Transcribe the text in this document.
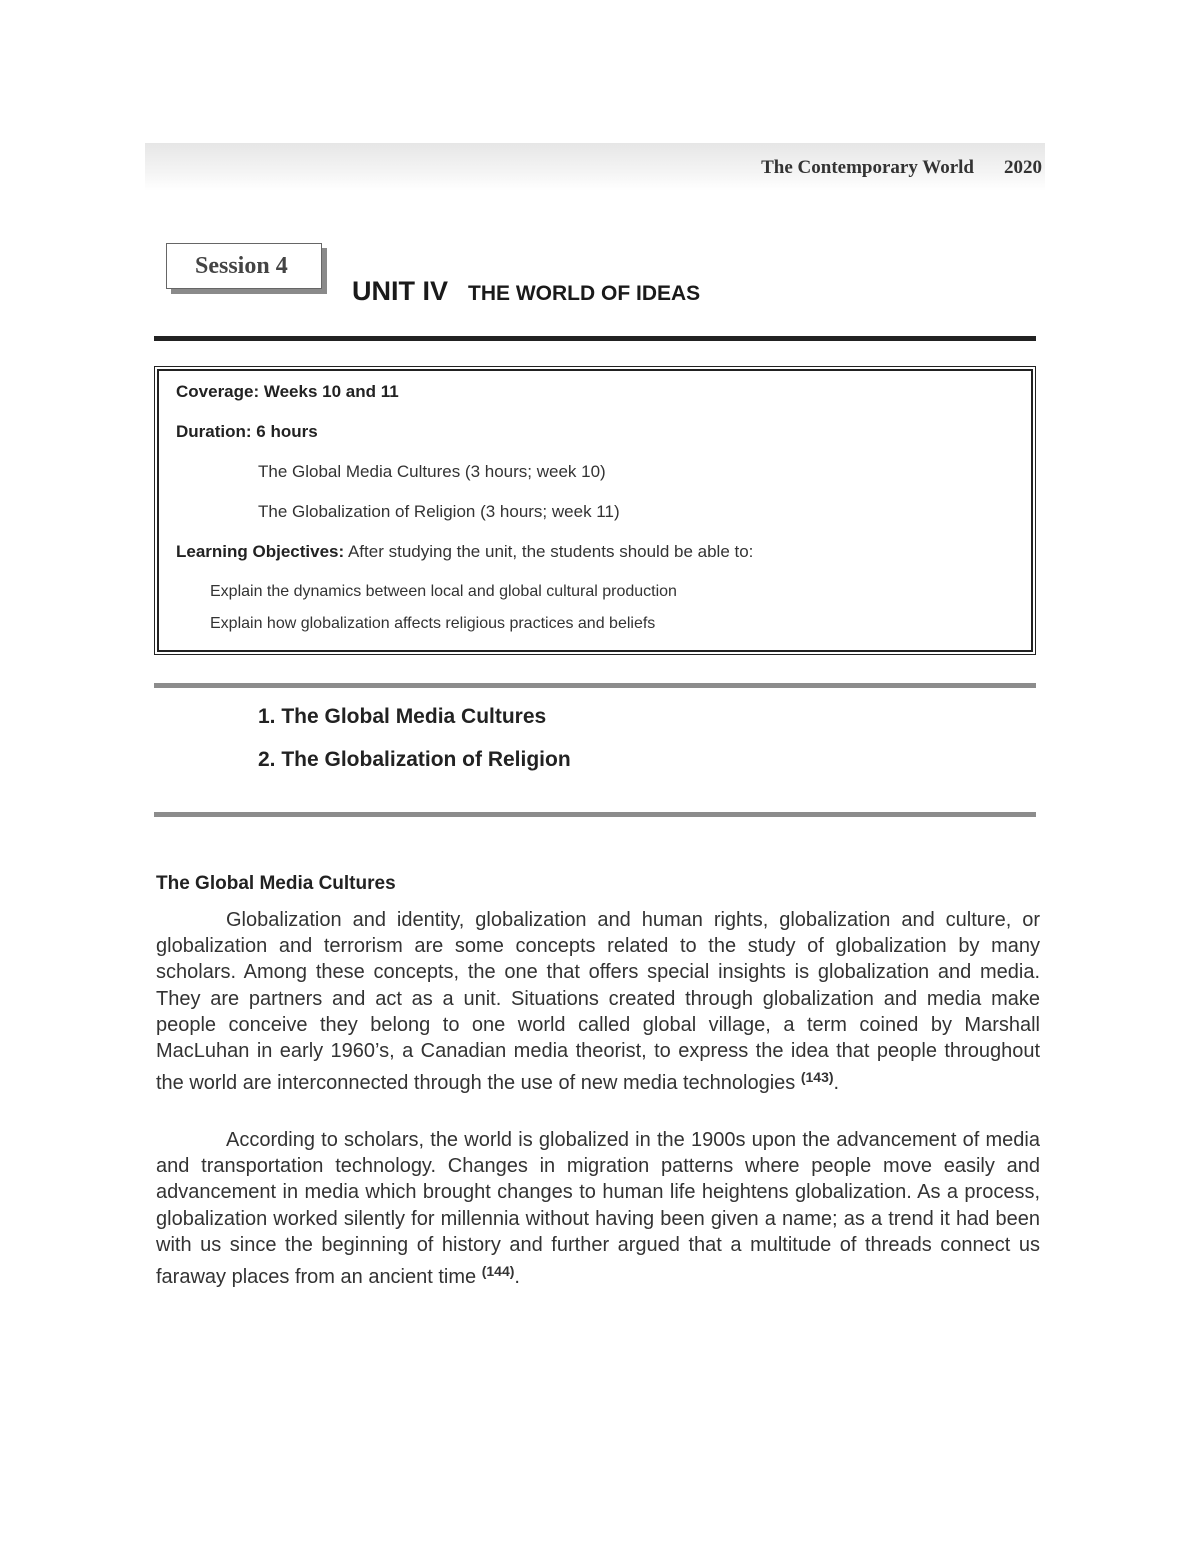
The Contemporary World 2020
Session 4
UNIT IV THE WORLD OF IDEAS
Coverage: Weeks 10 and 11
Duration: 6 hours
The Global Media Cultures (3 hours; week 10)
The Globalization of Religion (3 hours; week 11)
Learning Objectives: After studying the unit, the students should be able to:
Explain the dynamics between local and global cultural production
Explain how globalization affects religious practices and beliefs
1. The Global Media Cultures
2. The Globalization of Religion
The Global Media Cultures

Globalization and identity, globalization and human rights, globalization and culture, or globalization and terrorism are some concepts related to the study of globalization by many scholars. Among these concepts, the one that offers special insights is globalization and media. They are partners and act as a unit. Situations created through globalization and media make people conceive they belong to one world called global village, a term coined by Marshall MacLuhan in early 1960’s, a Canadian media theorist, to express the idea that people throughout the world are interconnected through the use of new media technologies $^{(143)}$.

According to scholars, the world is globalized in the 1900s upon the advancement of media and transportation technology. Changes in migration patterns where people move easily and advancement in media which brought changes to human life heightens globalization. As a process, globalization worked silently for millennia without having been given a name; as a trend it had been with us since the beginning of history and further argued that a multitude of threads connect us faraway places from an ancient time $^{(144)}$.
